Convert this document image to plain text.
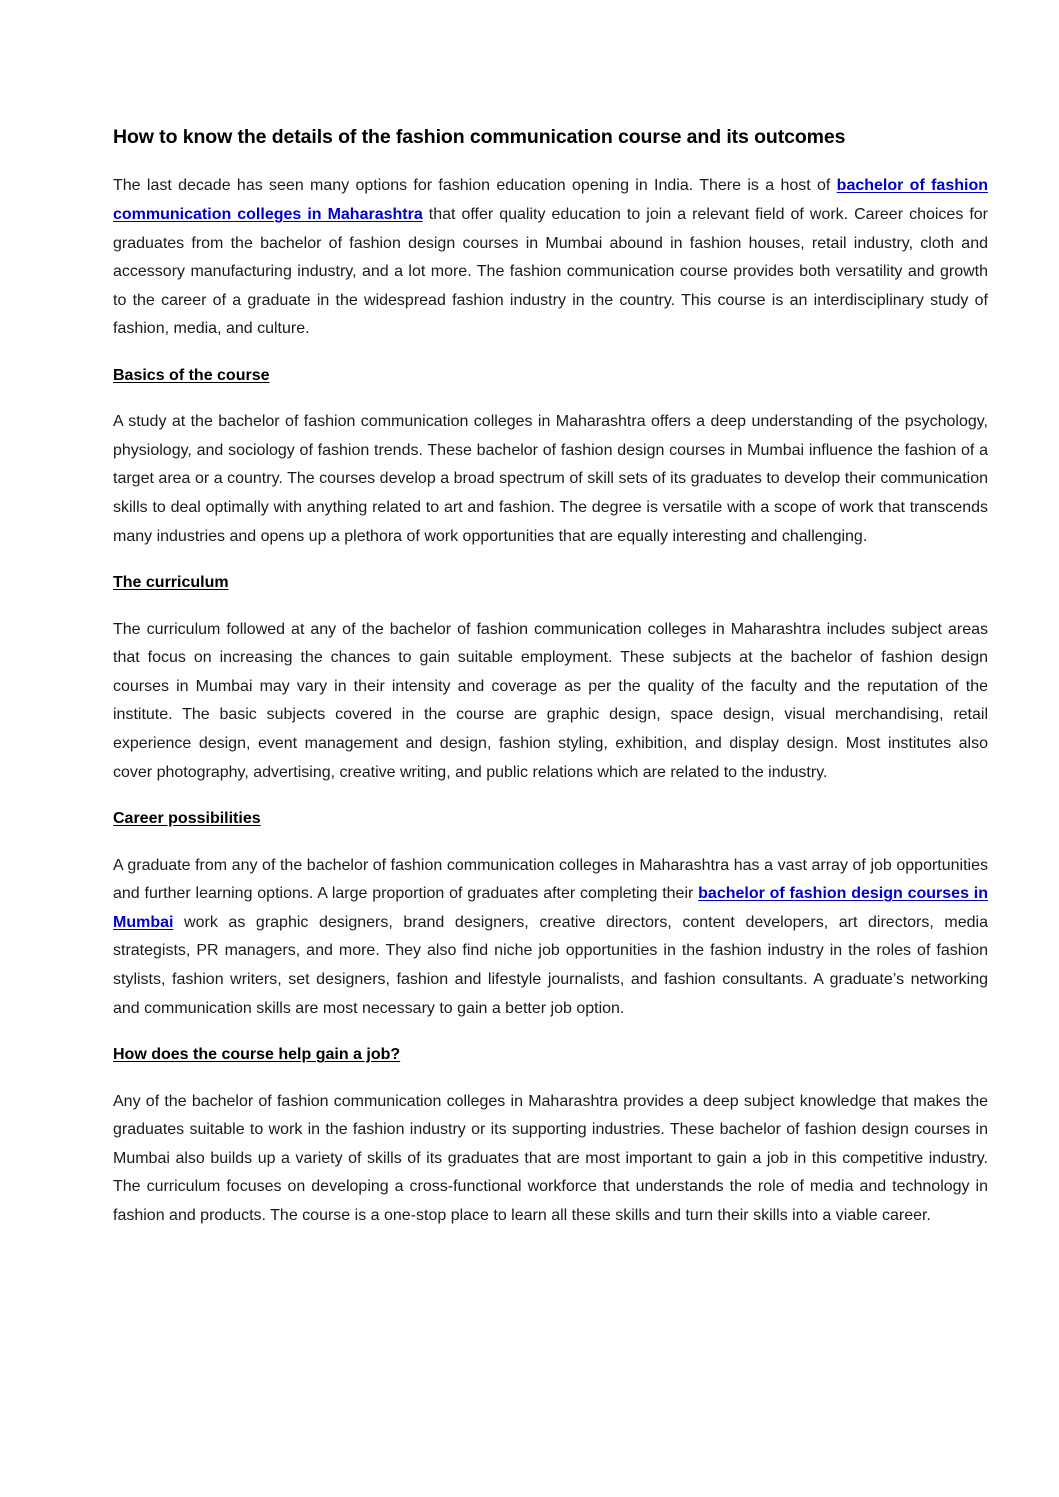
How to know the details of the fashion communication course and its outcomes

The last decade has seen many options for fashion education opening in India. There is a host of bachelor of fashion communication colleges in Maharashtra that offer quality education to join a relevant field of work. Career choices for graduates from the bachelor of fashion design courses in Mumbai abound in fashion houses, retail industry, cloth and accessory manufacturing industry, and a lot more. The fashion communication course provides both versatility and growth to the career of a graduate in the widespread fashion industry in the country. This course is an interdisciplinary study of fashion, media, and culture.

Basics of the course

A study at the bachelor of fashion communication colleges in Maharashtra offers a deep understanding of the psychology, physiology, and sociology of fashion trends. These bachelor of fashion design courses in Mumbai influence the fashion of a target area or a country. The courses develop a broad spectrum of skill sets of its graduates to develop their communication skills to deal optimally with anything related to art and fashion. The degree is versatile with a scope of work that transcends many industries and opens up a plethora of work opportunities that are equally interesting and challenging.

The curriculum

The curriculum followed at any of the bachelor of fashion communication colleges in Maharashtra includes subject areas that focus on increasing the chances to gain suitable employment. These subjects at the bachelor of fashion design courses in Mumbai may vary in their intensity and coverage as per the quality of the faculty and the reputation of the institute. The basic subjects covered in the course are graphic design, space design, visual merchandising, retail experience design, event management and design, fashion styling, exhibition, and display design. Most institutes also cover photography, advertising, creative writing, and public relations which are related to the industry.

Career possibilities

A graduate from any of the bachelor of fashion communication colleges in Maharashtra has a vast array of job opportunities and further learning options. A large proportion of graduates after completing their bachelor of fashion design courses in Mumbai work as graphic designers, brand designers, creative directors, content developers, art directors, media strategists, PR managers, and more. They also find niche job opportunities in the fashion industry in the roles of fashion stylists, fashion writers, set designers, fashion and lifestyle journalists, and fashion consultants. A graduate’s networking and communication skills are most necessary to gain a better job option.

How does the course help gain a job?

Any of the bachelor of fashion communication colleges in Maharashtra provides a deep subject knowledge that makes the graduates suitable to work in the fashion industry or its supporting industries. These bachelor of fashion design courses in Mumbai also builds up a variety of skills of its graduates that are most important to gain a job in this competitive industry. The curriculum focuses on developing a cross-functional workforce that understands the role of media and technology in fashion and products. The course is a one-stop place to learn all these skills and turn their skills into a viable career.
